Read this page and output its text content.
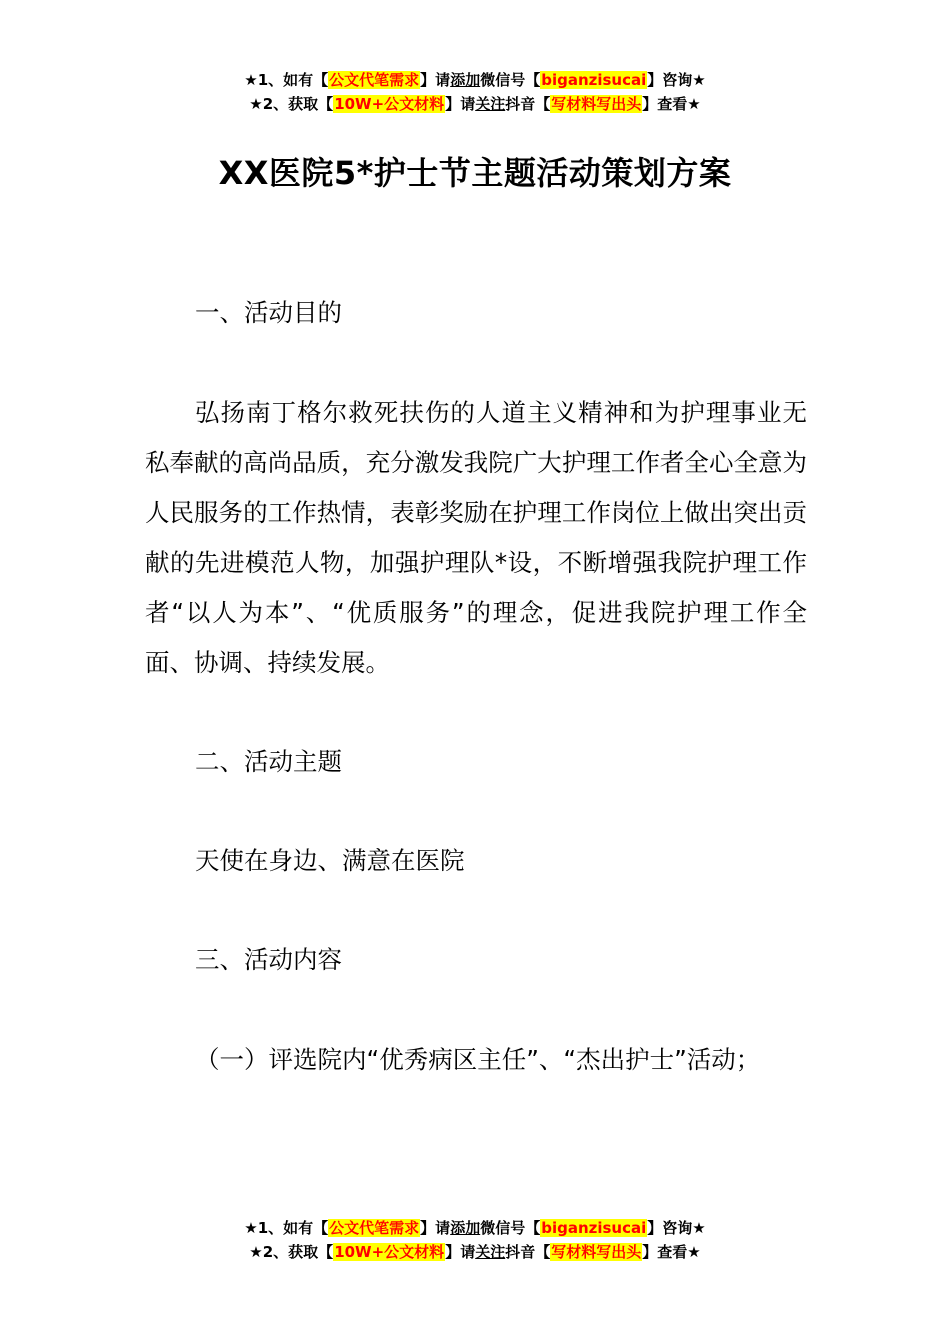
★1、如有【公文代笔需求】请添加微信号【biganzisucai】咨询★
★2、获取【10W+公文材料】请关注抖音【写材料写出头】查看★
XX医院5*护士节主题活动策划方案

一、活动目的

弘扬南丁格尔救死扶伤的人道主义精神和为护理事业无私奉献的高尚品质，充分激发我院广大护理工作者全心全意为人民服务的工作热情，表彰奖励在护理工作岗位上做出突出贡献的先进模范人物，加强护理队*设，不断增强我院护理工作者“以人为本”、“优质服务”的理念，促进我院护理工作全面、协调、持续发展。

二、活动主题

天使在身边、满意在医院

三、活动内容

（一）评选院内“优秀病区主任”、“杰出护士”活动；

★1、如有【公文代笔需求】请添加微信号【biganzisucai】咨询★
★2、获取【10W+公文材料】请关注抖音【写材料写出头】查看★
